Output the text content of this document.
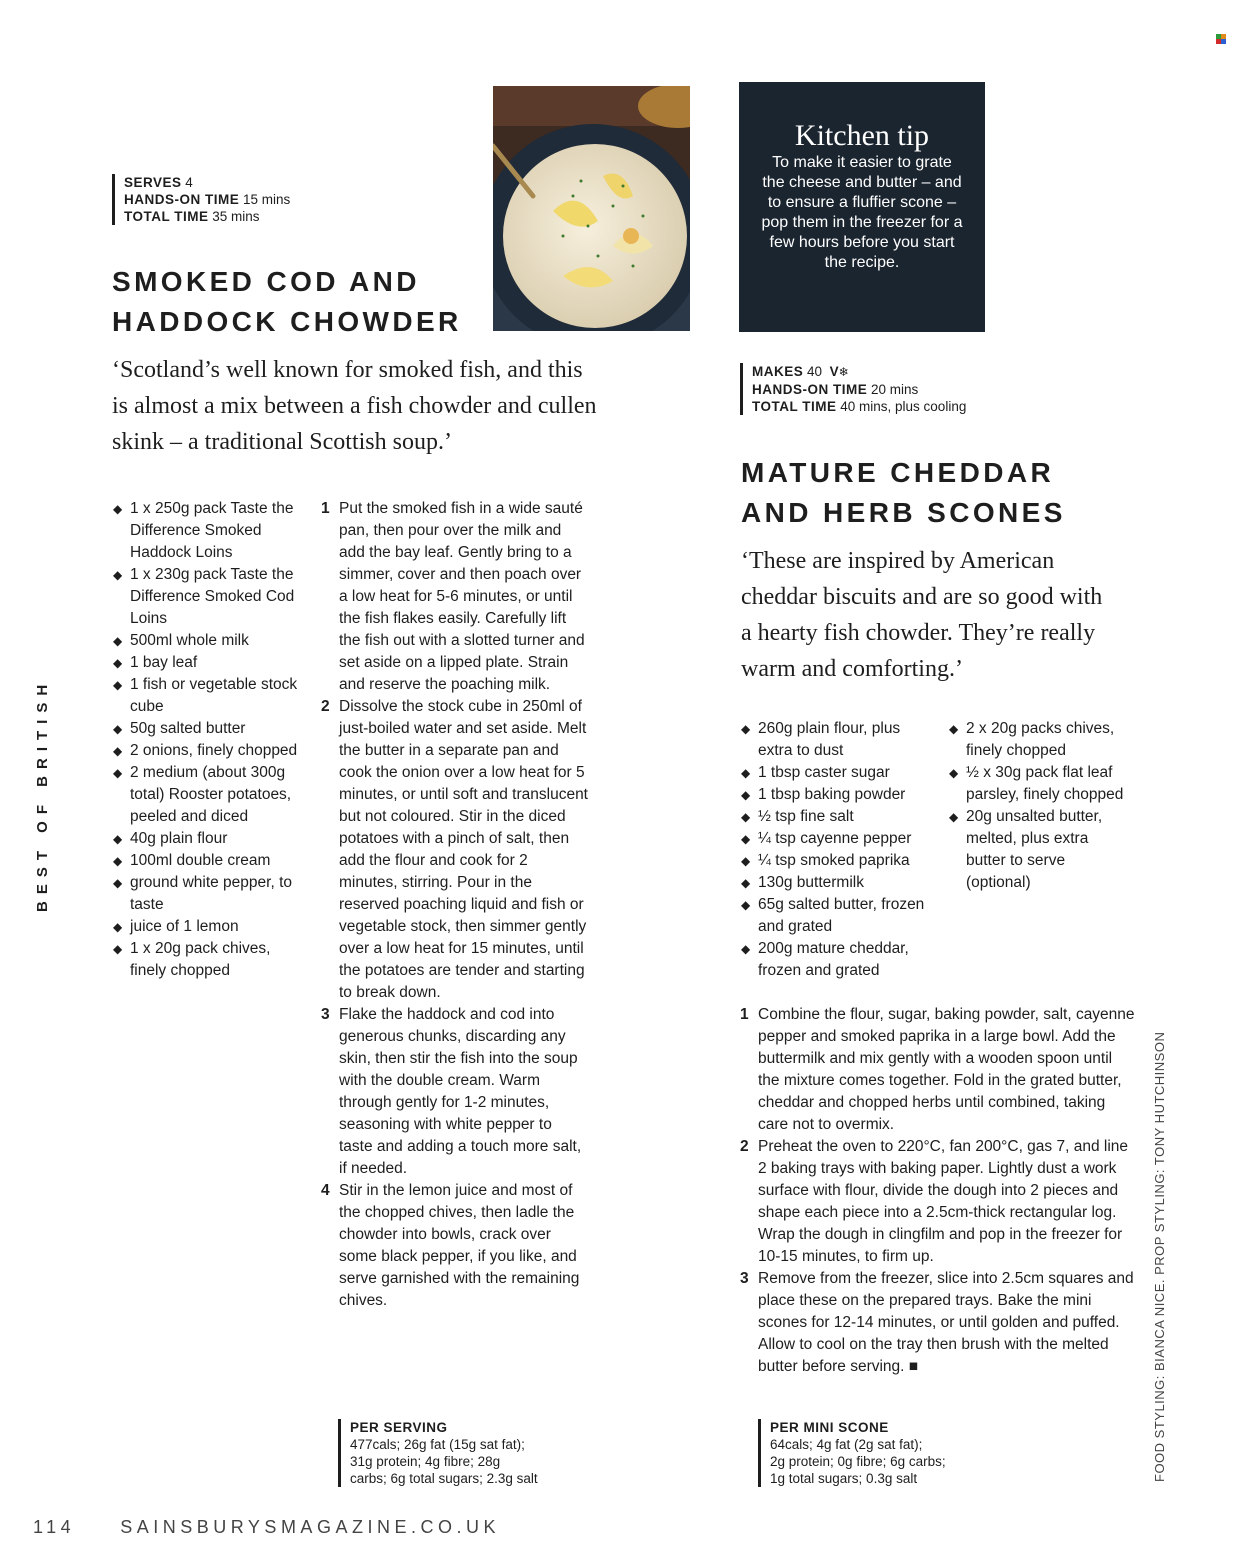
BEST OF BRITISH
SERVES 4
HANDS-ON TIME 15 mins
TOTAL TIME 35 mins
SMOKED COD AND
HADDOCK CHOWDER
‘Scotland’s well known for smoked fish, and this is almost a mix between a fish chowder and cullen skink – a traditional Scottish soup.’
◆ 1 x 250g pack Taste the Difference Smoked Haddock Loins
◆ 1 x 230g pack Taste the Difference Smoked Cod Loins
◆ 500ml whole milk
◆ 1 bay leaf
◆ 1 fish or vegetable stock cube
◆ 50g salted butter
◆ 2 onions, finely chopped
◆ 2 medium (about 300g total) Rooster potatoes, peeled and diced
◆ 40g plain flour
◆ 100ml double cream
◆ ground white pepper, to taste
◆ juice of 1 lemon
◆ 1 x 20g pack chives, finely chopped
1 Put the smoked fish in a wide sauté pan, then pour over the milk and add the bay leaf. Gently bring to a simmer, cover and then poach over a low heat for 5-6 minutes, or until the fish flakes easily. Carefully lift the fish out with a slotted turner and set aside on a lipped plate. Strain and reserve the poaching milk.
2 Dissolve the stock cube in 250ml of just-boiled water and set aside. Melt the butter in a separate pan and cook the onion over a low heat for 5 minutes, or until soft and translucent but not coloured. Stir in the diced potatoes with a pinch of salt, then add the flour and cook for 2 minutes, stirring. Pour in the reserved poaching liquid and fish or vegetable stock, then simmer gently over a low heat for 15 minutes, until the potatoes are tender and starting to break down.
3 Flake the haddock and cod into generous chunks, discarding any skin, then stir the fish into the soup with the double cream. Warm through gently for 1-2 minutes, seasoning with white pepper to taste and adding a touch more salt, if needed.
4 Stir in the lemon juice and most of the chopped chives, then ladle the chowder into bowls, crack over some black pepper, if you like, and serve garnished with the remaining chives.
PER SERVING
477cals; 26g fat (15g sat fat);
31g protein; 4g fibre; 28g
carbs; 6g total sugars; 2.3g salt
Kitchen tip
To make it easier to grate the cheese and butter – and to ensure a fluffier scone – pop them in the freezer for a few hours before you start the recipe.
MAKES 40 V❄
HANDS-ON TIME 20 mins
TOTAL TIME 40 mins, plus cooling
MATURE CHEDDAR
AND HERB SCONES
‘These are inspired by American cheddar biscuits and are so good with a hearty fish chowder. They’re really warm and comforting.’
◆ 260g plain flour, plus extra to dust
◆ 1 tbsp caster sugar
◆ 1 tbsp baking powder
◆ ½ tsp fine salt
◆ ¼ tsp cayenne pepper
◆ ¼ tsp smoked paprika
◆ 130g buttermilk
◆ 65g salted butter, frozen and grated
◆ 200g mature cheddar, frozen and grated
◆ 2 x 20g packs chives, finely chopped
◆ ½ x 30g pack flat leaf parsley, finely chopped
◆ 20g unsalted butter, melted, plus extra butter to serve (optional)
1 Combine the flour, sugar, baking powder, salt, cayenne pepper and smoked paprika in a large bowl. Add the buttermilk and mix gently with a wooden spoon until the mixture comes together. Fold in the grated butter, cheddar and chopped herbs until combined, taking care not to overmix.
2 Preheat the oven to 220°C, fan 200°C, gas 7, and line 2 baking trays with baking paper. Lightly dust a work surface with flour, divide the dough into 2 pieces and shape each piece into a 2.5cm-thick rectangular log. Wrap the dough in clingfilm and pop in the freezer for 10-15 minutes, to firm up.
3 Remove from the freezer, slice into 2.5cm squares and place these on the prepared trays. Bake the mini scones for 12-14 minutes, or until golden and puffed. Allow to cool on the tray then brush with the melted butter before serving. ■
PER MINI SCONE
64cals; 4g fat (2g sat fat);
2g protein; 0g fibre; 6g carbs;
1g total sugars; 0.3g salt	FOOD STYLING: BIANCA NICE. PROP STYLING: TONY HUTCHINSON
114	SAINSBURYSMAGAZINE.CO.UK
